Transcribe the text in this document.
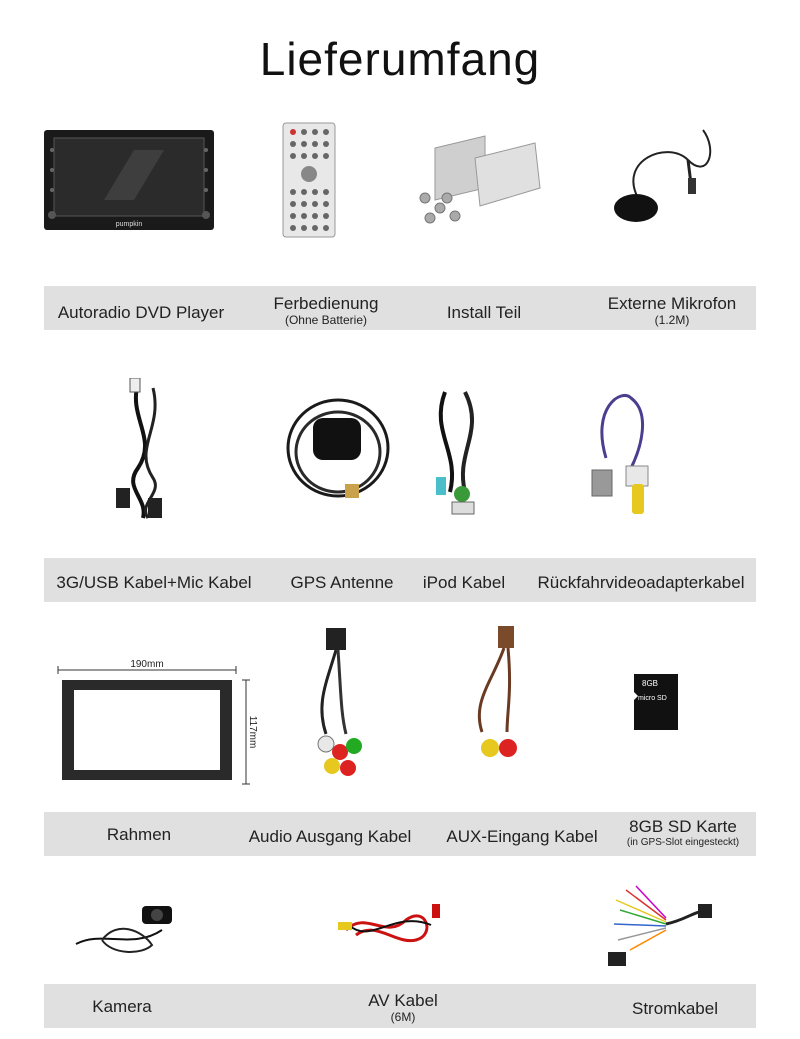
Lieferumfang
pumpkin
Autoradio DVD Player	Ferbedienung
(Ohne Batterie)	Install Teil	Externe Mikrofon
(1.2M)
3G/USB Kabel+Mic Kabel	GPS Antenne	iPod Kabel	Rückfahrvideoadapterkabel
190mm
117mm
8GB
micro SD
Rahmen	Audio Ausgang Kabel	AUX-Eingang Kabel
8GB SD Karte
(in GPS-Slot eingesteckt)
Kamera	AV Kabel
(6M)	Stromkabel
